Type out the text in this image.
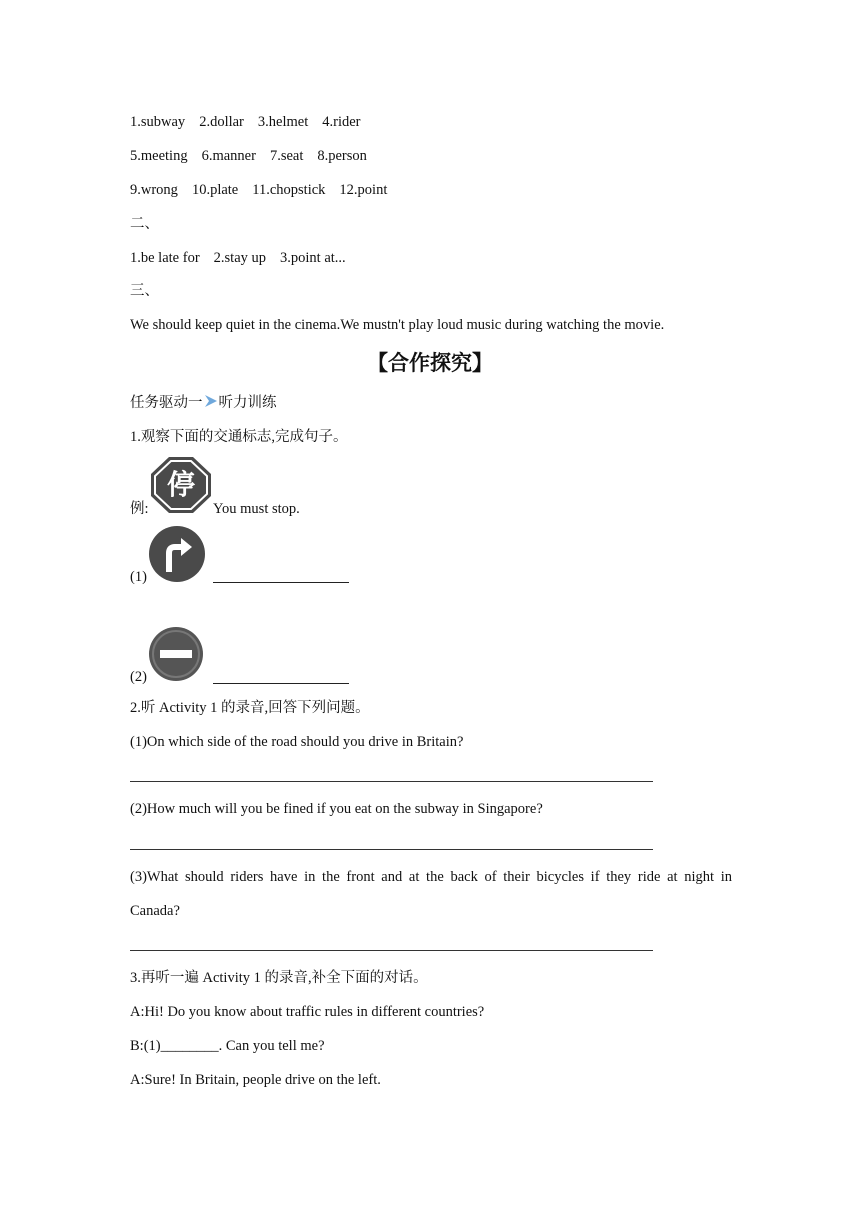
1.subway 2.dollar 3.helmet 4.rider
5.meeting 6.manner 7.seat 8.person
9.wrong 10.plate 11.chopstick 12.point
二、
1.be late for 2.stay up 3.point at...
三、
We should keep quiet in the cinema.We mustn't play loud music during watching the movie.
【合作探究】
任务驱动一 听力训练
1.观察下面的交通标志,完成句子。
停
例:	You must stop.
(1)
(2)
2.听 Activity 1 的录音,回答下列问题。
(1)On which side of the road should you drive in Britain?
(2)How much will you be fined if you eat on the subway in Singapore?
(3)What should riders have in the front and at the back of their bicycles if they ride at night in
Canada?
3.再听一遍 Activity 1 的录音,补全下面的对话。
A:Hi! Do you know about traffic rules in different countries?
B:(1)________. Can you tell me?
A:Sure! In Britain, people drive on the left.
